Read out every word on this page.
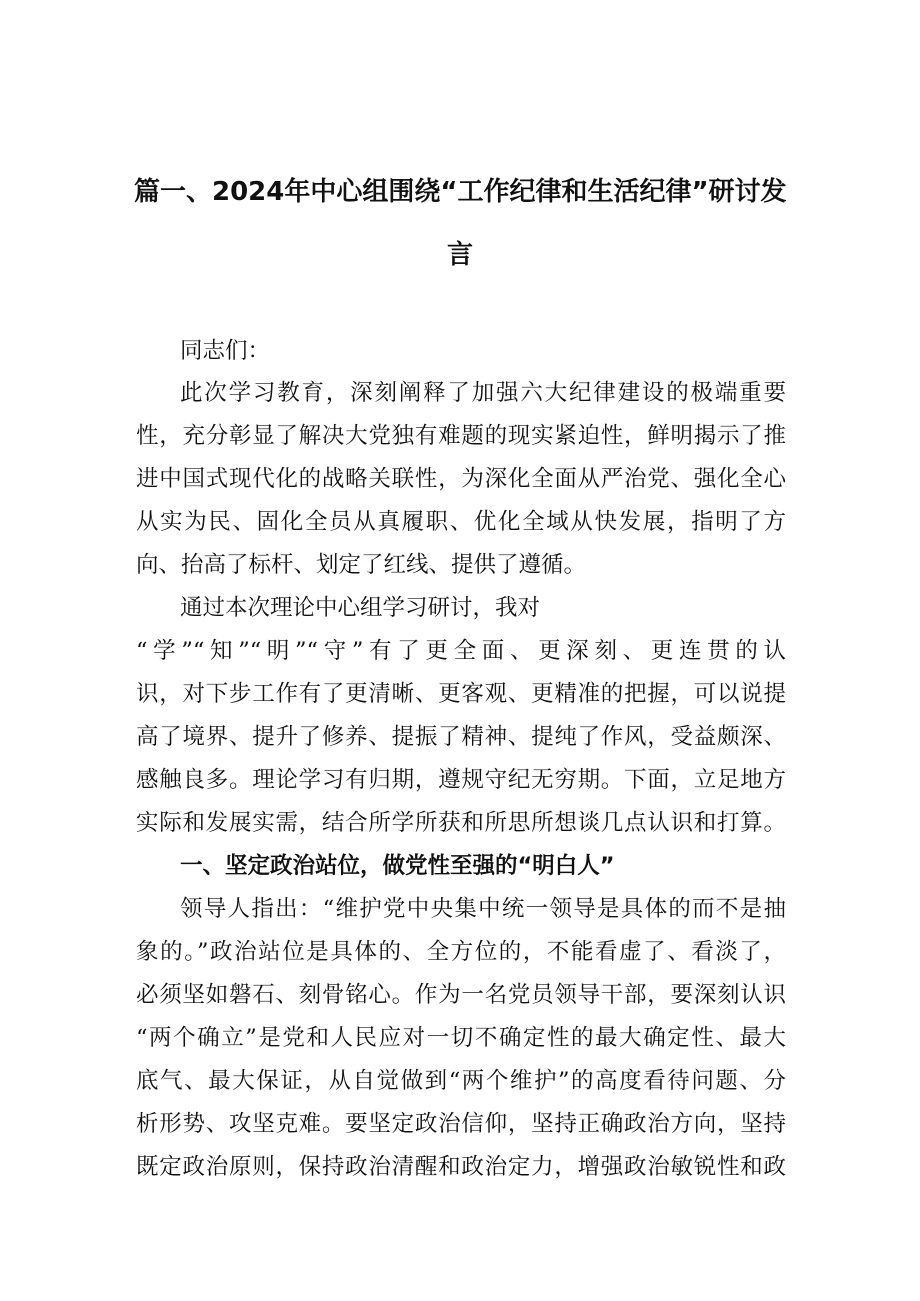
篇一、2024年中心组围绕“工作纪律和生活纪律”研讨发
言
同志们：
此次学习教育，深刻阐释了加强六大纪律建设的极端重要
性，充分彰显了解决大党独有难题的现实紧迫性，鲜明揭示了推
进中国式现代化的战略关联性，为深化全面从严治党、强化全心
从实为民、固化全员从真履职、优化全域从快发展，指明了方
向、抬高了标杆、划定了红线、提供了遵循。
通过本次理论中心组学习研讨，我对
“学”“知”“明”“守”有了更全面、更深刻、更连贯的认
识，对下步工作有了更清晰、更客观、更精准的把握，可以说提
高了境界、提升了修养、提振了精神、提纯了作风，受益颇深、
感触良多。理论学习有归期，遵规守纪无穷期。下面，立足地方
实际和发展实需，结合所学所获和所思所想谈几点认识和打算。
一、坚定政治站位，做党性至强的“明白人”
领导人指出：“维护党中央集中统一领导是具体的而不是抽
象的。”政治站位是具体的、全方位的，不能看虚了、看淡了，
必须坚如磐石、刻骨铭心。作为一名党员领导干部，要深刻认识
“两个确立”是党和人民应对一切不确定性的最大确定性、最大
底气、最大保证，从自觉做到“两个维护”的高度看待问题、分
析形势、攻坚克难。要坚定政治信仰，坚持正确政治方向，坚持
既定政治原则，保持政治清醒和政治定力，增强政治敏锐性和政
